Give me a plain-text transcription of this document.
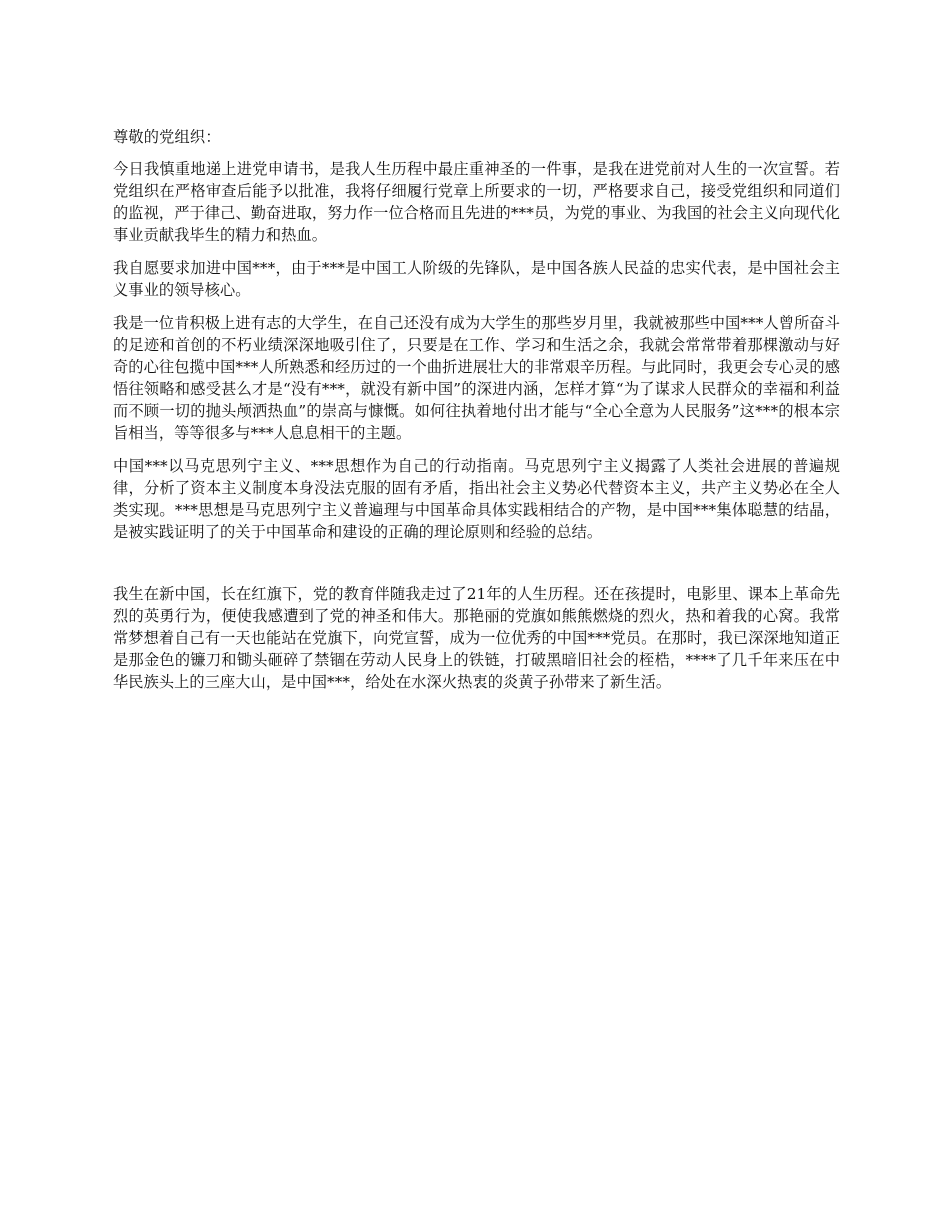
尊敬的党组织：

今日我慎重地递上进党申请书，是我人生历程中最庄重神圣的一件事，是我在进党前对人生的一次宣誓。若党组织在严格审查后能予以批准，我将仔细履行党章上所要求的一切，严格要求自己，接受党组织和同道们的监视，严于律己、勤奋进取，努力作一位合格而且先进的***员，为党的事业、为我国的社会主义向现代化事业贡献我毕生的精力和热血。

我自愿要求加进中国***，由于***是中国工人阶级的先锋队，是中国各族人民益的忠实代表，是中国社会主义事业的领导核心。

我是一位肯积极上进有志的大学生，在自己还没有成为大学生的那些岁月里，我就被那些中国***人曾所奋斗的足迹和首创的不朽业绩深深地吸引住了，只要是在工作、学习和生活之余，我就会常常带着那棵激动与好奇的心往包揽中国***人所熟悉和经历过的一个曲折进展壮大的非常艰辛历程。与此同时，我更会专心灵的感悟往领略和感受甚么才是“没有***，就没有新中国”的深进内涵，怎样才算“为了谋求人民群众的幸福和利益而不顾一切的抛头颅洒热血”的崇高与慷慨。如何往执着地付出才能与“全心全意为人民服务”这***的根本宗旨相当，等等很多与***人息息相干的主题。

中国***以马克思列宁主义、***思想作为自己的行动指南。马克思列宁主义揭露了人类社会进展的普遍规律，分析了资本主义制度本身没法克服的固有矛盾，指出社会主义势必代替资本主义，共产主义势必在全人类实现。***思想是马克思列宁主义普遍理与中国革命具体实践相结合的产物，是中国***集体聪慧的结晶，是被实践证明了的关于中国革命和建设的正确的理论原则和经验的总结。

我生在新中国，长在红旗下，党的教育伴随我走过了21年的人生历程。还在孩提时，电影里、课本上革命先烈的英勇行为，便使我感遭到了党的神圣和伟大。那艳丽的党旗如熊熊燃烧的烈火，热和着我的心窝。我常常梦想着自己有一天也能站在党旗下，向党宣誓，成为一位优秀的中国***党员。在那时，我已深深地知道正是那金色的镰刀和锄头砸碎了禁锢在劳动人民身上的铁链，打破黑暗旧社会的桎梏，****了几千年来压在中华民族头上的三座大山，是中国***，给处在水深火热衷的炎黄子孙带来了新生活。
